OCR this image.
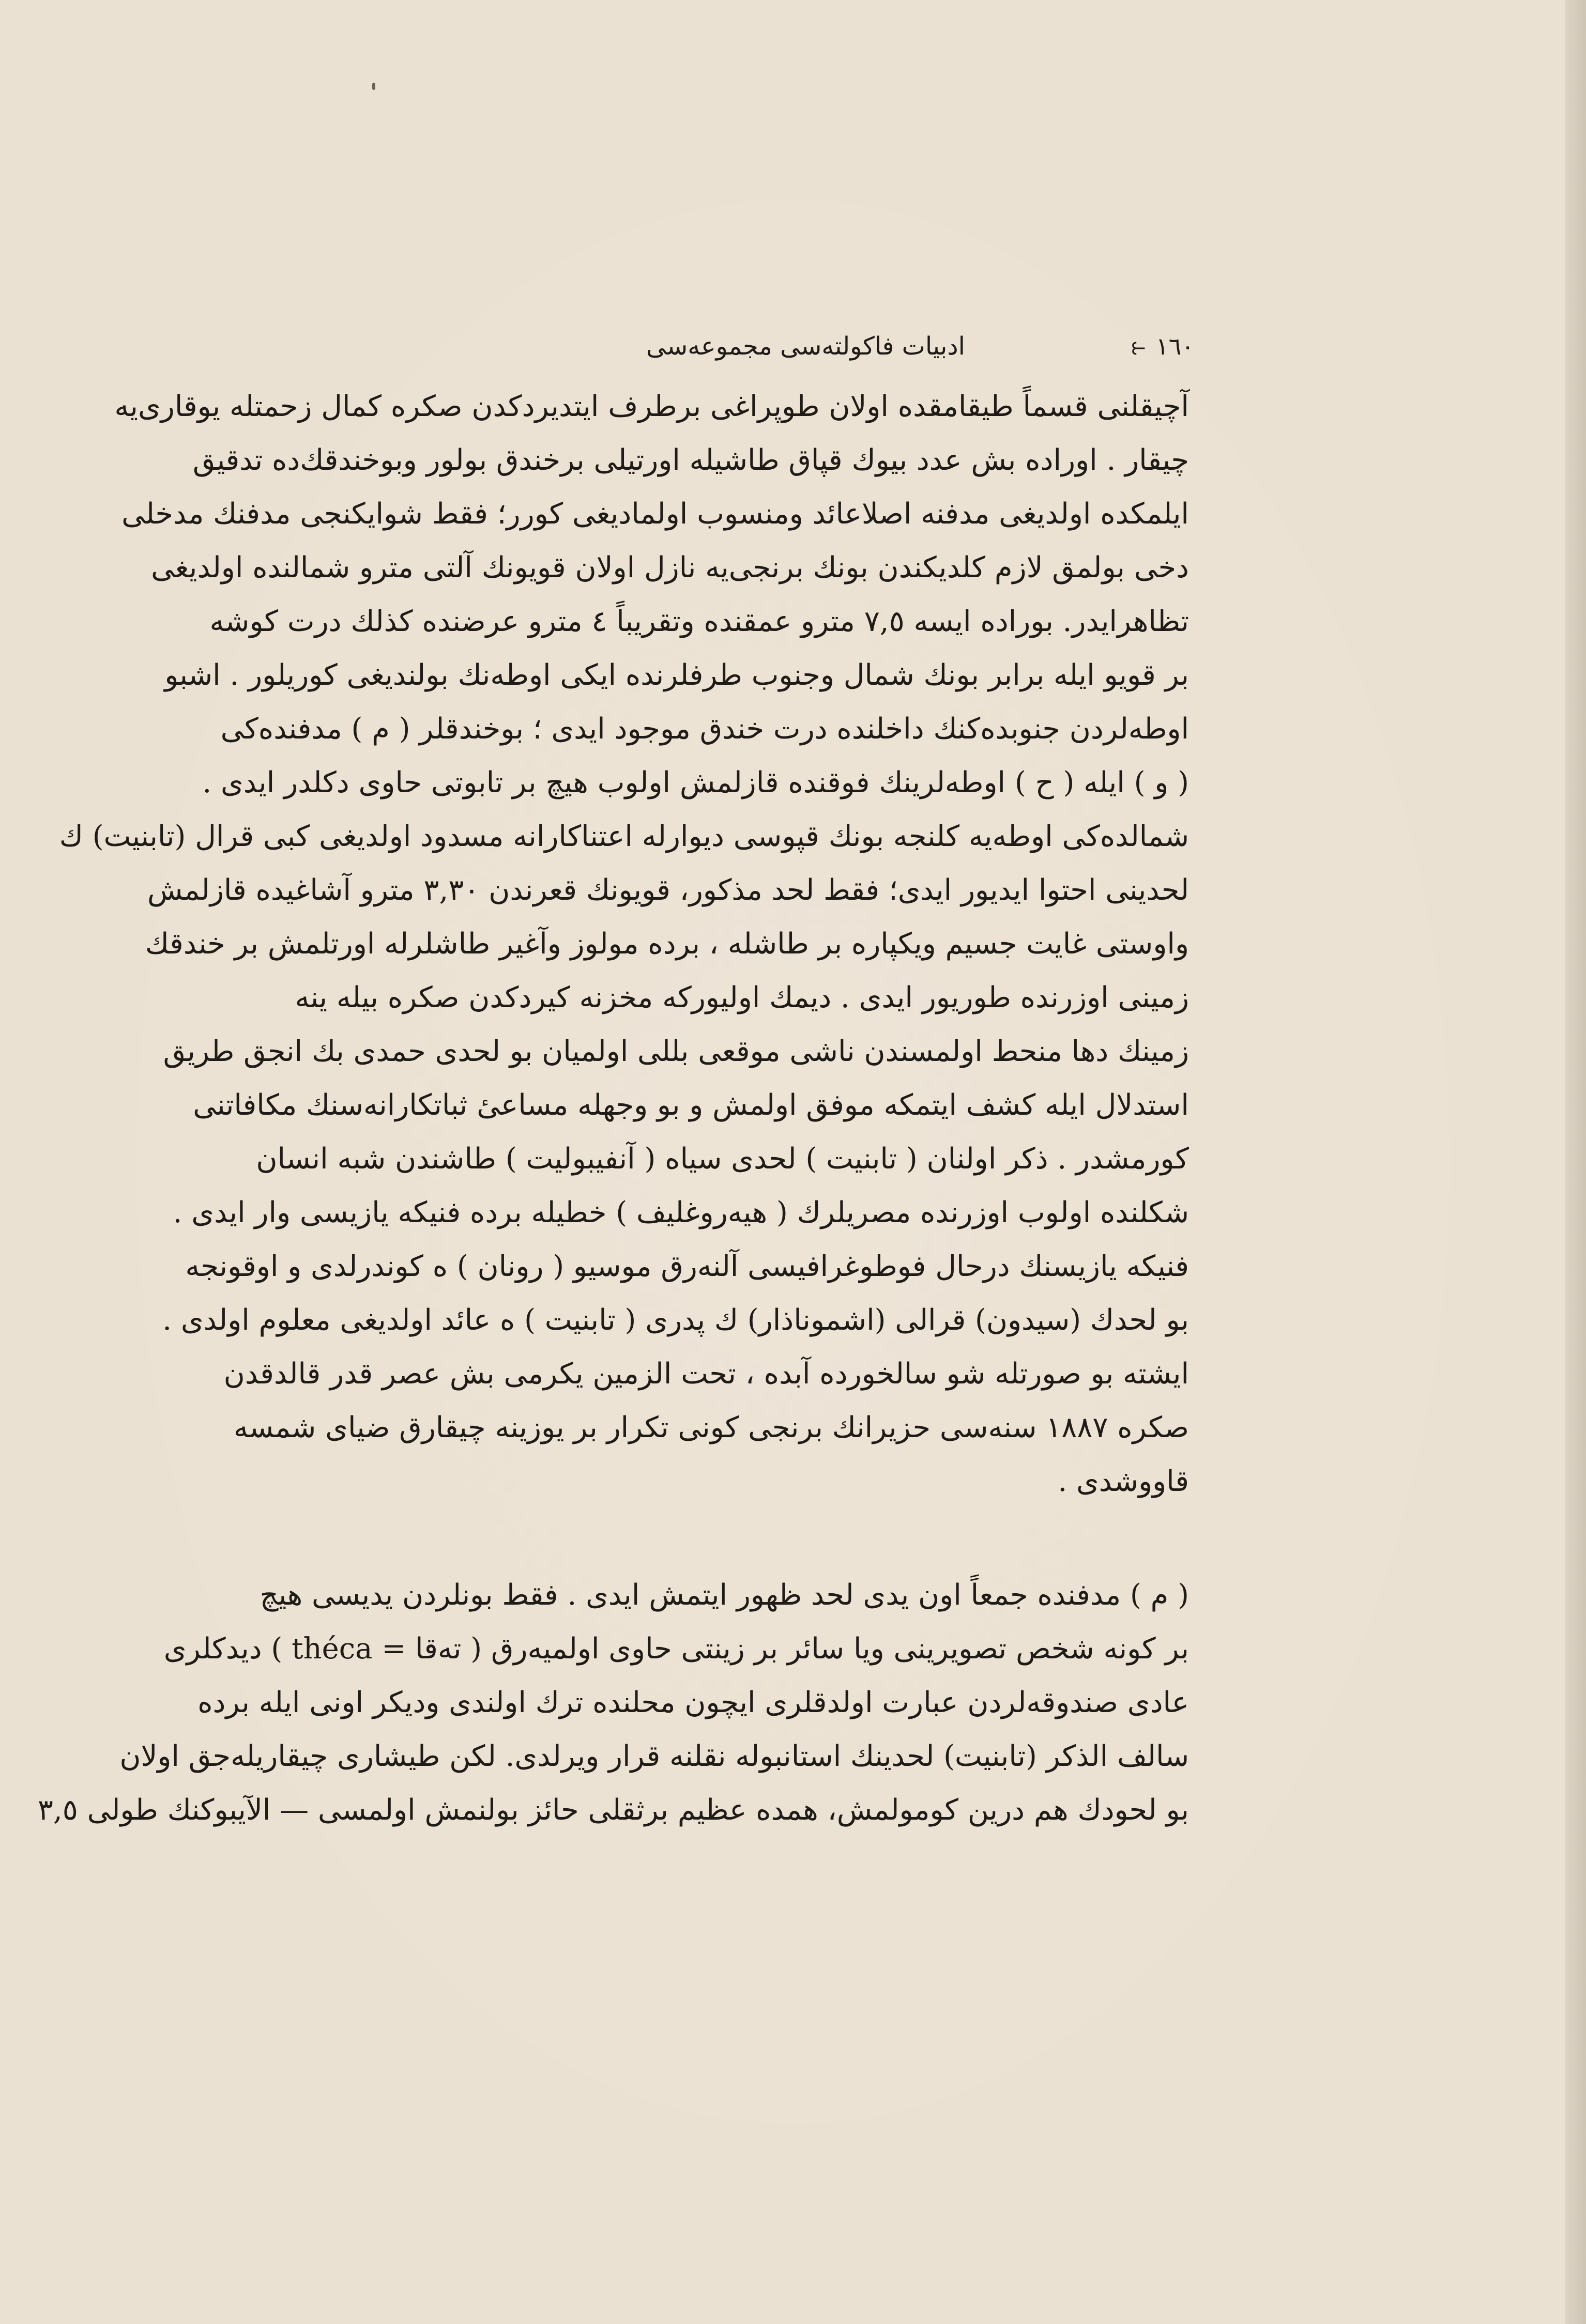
١٦٠
⥼
ادبيات فاكولته‌سى مجموعه‌سى
آچيقلنى قسماً طيقامقده اولان طوپراغى برطرف ايتديردكدن صكره كمال زحمتله يوقارى‌يه
چيقار . اوراده بش عدد بيوك قپاق طاشيله اورتيلى برخندق بولور وبوخندقك‌ده تدقيق
ايلمكده اولديغى مدفنه اصلاعائد ومنسوب اولماديغى كورر؛ فقط شوايكنجى مدفنك مدخلى
دخى بولمق لازم كلديكندن بونك برنجى‌يه نازل اولان قويونك آلتى مترو شمالنده اولديغى
تظاهرايدر. بوراده ايسه ٧,٥ مترو عمقنده وتقريباً ٤ مترو عرضنده كذلك درت كوشه
بر قويو ايله برابر بونك شمال وجنوب طرفلرنده ايكى اوطه‌نك بولنديغى كوريلور . اشبو
اوطه‌لردن جنوبده‌كنك داخلنده درت خندق موجود ايدى ؛ بوخندقلر ( م ) مدفنده‌كى
( و ) ايله ( ح ) اوطه‌لرينك فوقنده قازلمش اولوب هيچ بر تابوتى حاوى دكلدر ايدى .
شمالده‌كى اوطه‌يه كلنجه بونك قپوسى ديوارله اعتناكارانه مسدود اولديغى كبى قرال (تابنيت) ك
لحدينى احتوا ايديور ايدى؛ فقط لحد مذكور، قويونك قعرندن ٣,٣٠ مترو آشاغيده قازلمش
واوستى غايت جسيم ويكپاره بر طاشله ، برده مولوز وآغير طاشلرله اورتلمش بر خندقك
زمينى اوزرنده طوريور ايدى . ديمك اوليوركه مخزنه كيردكدن صكره بيله ينه
زمينك دها منحط اولمسندن ناشى موقعى بللى اولميان بو لحدى حمدى بك انجق طريق
استدلال ايله كشف ايتمكه موفق اولمش و بو وجهله مساعىٔ ثباتكارانه‌سنك مكافاتنى
كورمشدر . ذكر اولنان ( تابنيت ) لحدى سياه ( آنفيبوليت ) طاشندن شبه انسان
شكلنده اولوب اوزرنده مصريلرك ( هيه‌روغليف ) خطيله برده فنيكه يازيسى وار ايدى .
فنيكه يازيسنك درحال فوطوغرافيسى آلنه‌رق موسيو ( رونان ) ه كوندرلدى و اوقونجه
بو لحدك (سيدون) قرالى (اشموناذار) ك پدرى ( تابنيت ) ه عائد اولديغى معلوم اولدى .
ايشته بو صورتله شو سالخورده آبده ، تحت الزمين يكرمى بش عصر قدر قالدقدن
صكره ١٨٨٧ سنه‌سى حزيرانك برنجى كونى تكرار بر يوزينه چيقارق ضياى شمسه
قاووشدى .
( م ) مدفنده جمعاً اون يدى لحد ظهور ايتمش ايدى . فقط بونلردن يديسى هيچ
بر كونه شخص تصويرينى ويا سائر بر زينتى حاوى اولميه‌رق ( ته‌قا = théca ) ديدكلرى
عادى صندوقه‌لردن عبارت اولدقلرى ايچون محلنده ترك اولندى وديكر اونى ايله برده
سالف الذكر (تابنيت) لحدينك استانبوله نقلنه قرار ويرلدى. لكن طيشارى چيقاريله‌جق اولان
بو لحودك هم درين كومولمش، همده عظيم برثقلى حائز بولنمش اولمسى — الآيبوكنك طولى ٣,٥
